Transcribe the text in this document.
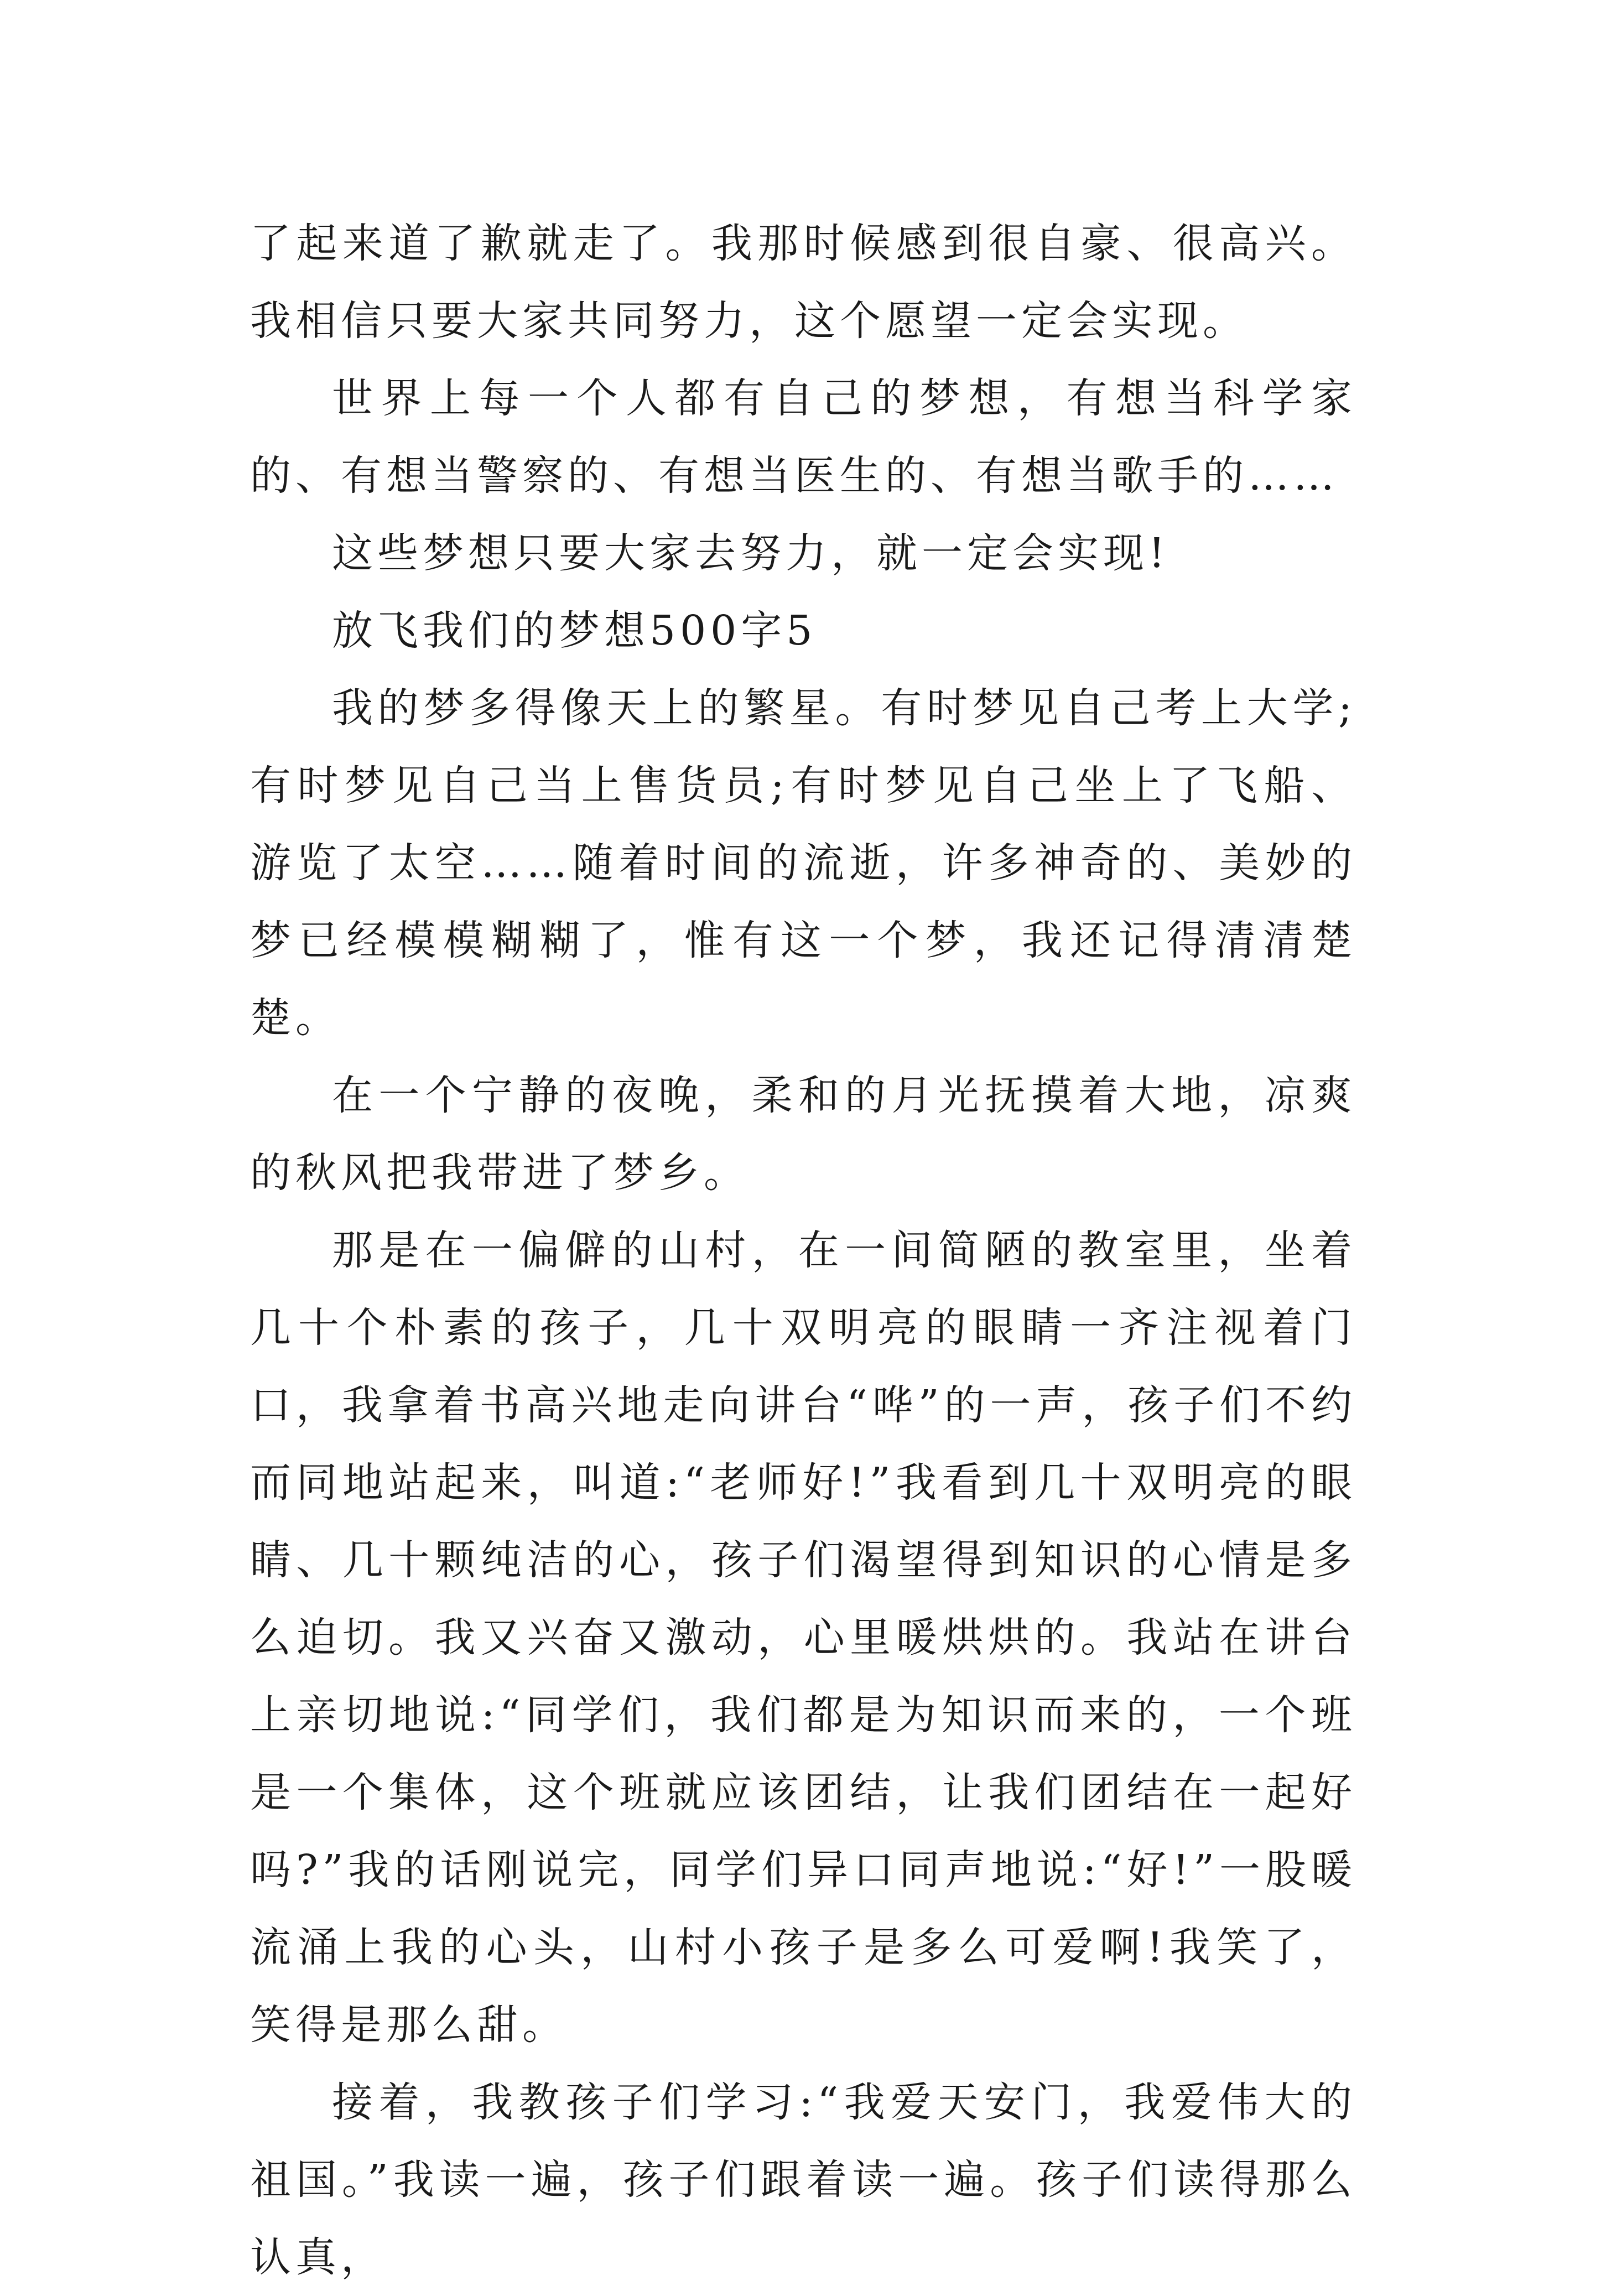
了起来道了歉就走了。我那时候感到很自豪、很高兴。我相信只要大家共同努力，这个愿望一定会实现。

世界上每一个人都有自己的梦想，有想当科学家的、有想当警察的、有想当医生的、有想当歌手的……

这些梦想只要大家去努力，就一定会实现!

放飞我们的梦想500字5

我的梦多得像天上的繁星。有时梦见自己考上大学;有时梦见自己当上售货员;有时梦见自己坐上了飞船、游览了太空……随着时间的流逝，许多神奇的、美妙的梦已经模模糊糊了，惟有这一个梦，我还记得清清楚楚。

在一个宁静的夜晚，柔和的月光抚摸着大地，凉爽的秋风把我带进了梦乡。

那是在一偏僻的山村，在一间简陋的教室里，坐着几十个朴素的孩子，几十双明亮的眼睛一齐注视着门口，我拿着书高兴地走向讲台“哗”的一声，孩子们不约而同地站起来，叫道:“老师好!”我看到几十双明亮的眼睛、几十颗纯洁的心，孩子们渴望得到知识的心情是多么迫切。我又兴奋又激动，心里暖烘烘的。我站在讲台上亲切地说:“同学们，我们都是为知识而来的，一个班是一个集体，这个班就应该团结，让我们团结在一起好吗?”我的话刚说完，同学们异口同声地说:“好!”一股暖流涌上我的心头，山村小孩子是多么可爱啊!我笑了，笑得是那么甜。

接着，我教孩子们学习:“我爱天安门，我爱伟大的祖国。”我读一遍，孩子们跟着读一遍。孩子们读得那么认真，
